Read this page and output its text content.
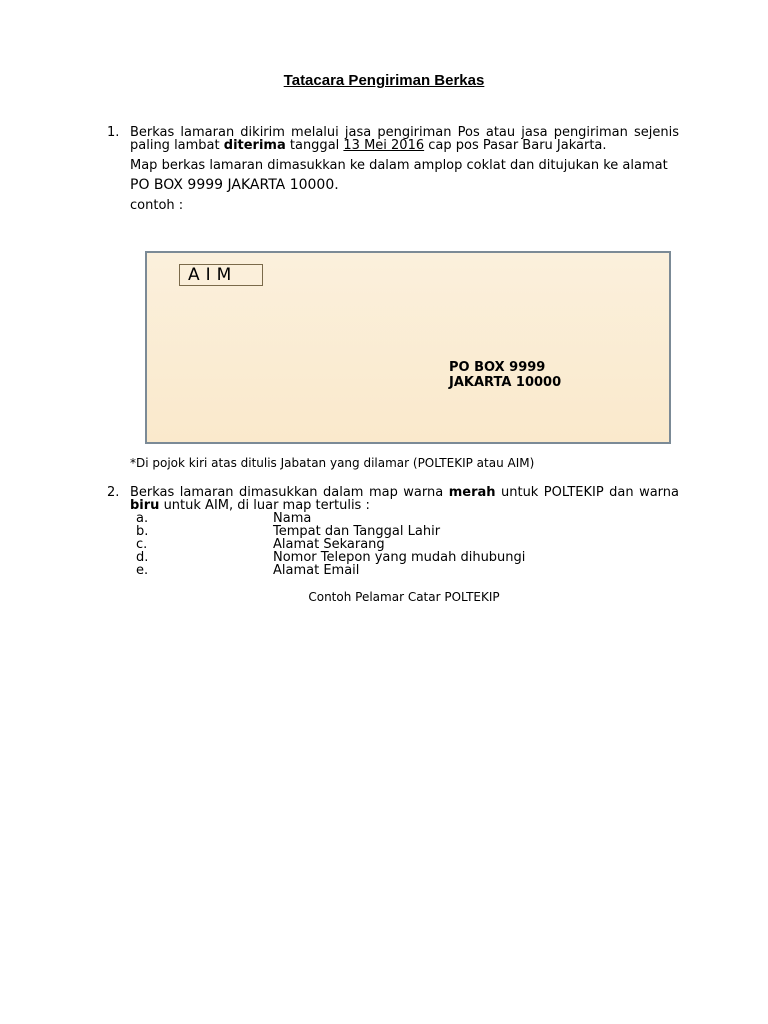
Tatacara Pengiriman Berkas
1. Berkas lamaran dikirim melalui jasa pengiriman Pos atau jasa pengiriman sejenis paling lambat diterima tanggal 13 Mei 2016 cap pos Pasar Baru Jakarta.
Map berkas lamaran dimasukkan ke dalam amplop coklat dan ditujukan ke alamat
PO BOX 9999 JAKARTA 10000.
contoh :
AIM
PO BOX 9999
JAKARTA 10000
*Di pojok kiri atas ditulis Jabatan yang dilamar (POLTEKIP atau AIM)
2. Berkas lamaran dimasukkan dalam map warna merah untuk POLTEKIP dan warna biru untuk AIM, di luar map tertulis :
a.	Nama
b.	Tempat dan Tanggal Lahir
c.	Alamat Sekarang
d.	Nomor Telepon yang mudah dihubungi
e.	Alamat Email
Contoh Pelamar Catar POLTEKIP
